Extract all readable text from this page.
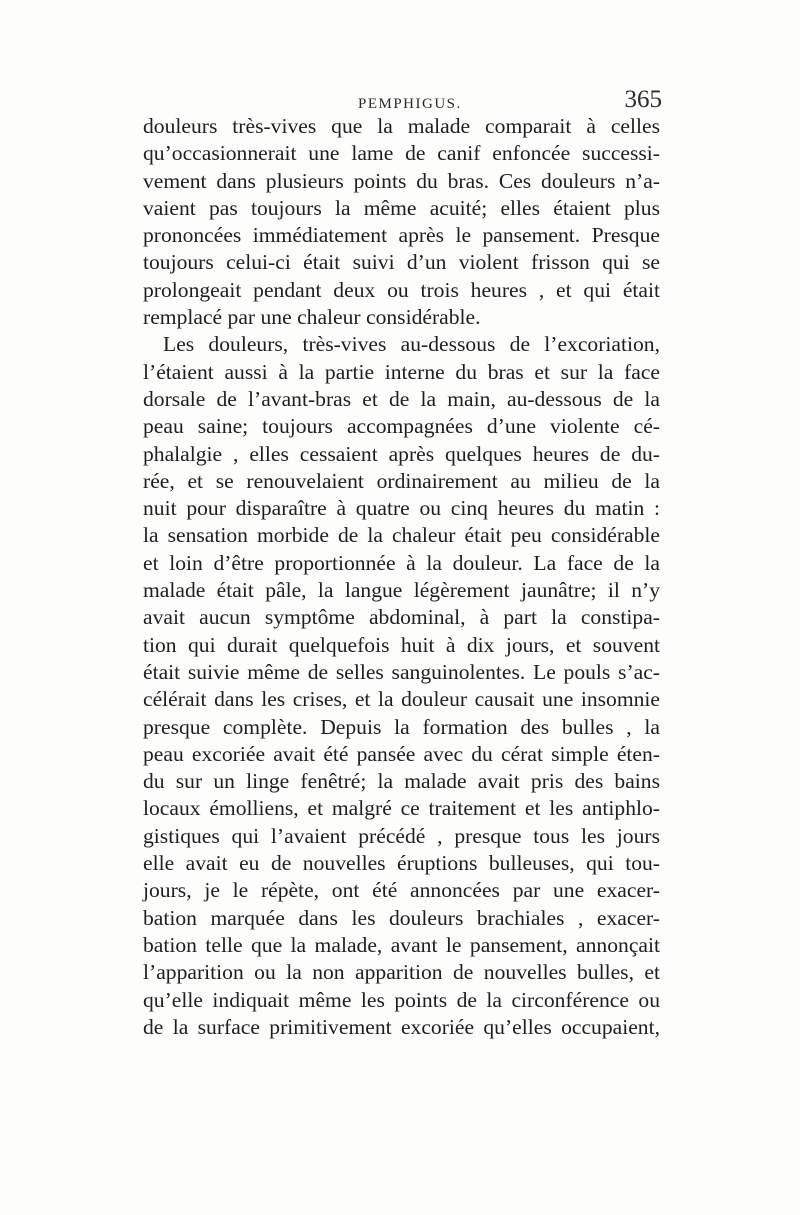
PEMPHIGUS.	365
douleurs très-vives que la malade comparait à celles
qu’occasionnerait une lame de canif enfoncée successi-
vement dans plusieurs points du bras. Ces douleurs n’a-
vaient pas toujours la même acuité; elles étaient plus
prononcées immédiatement après le pansement. Presque
toujours celui-ci était suivi d’un violent frisson qui se
prolongeait pendant deux ou trois heures , et qui était
remplacé par une chaleur considérable.
Les douleurs, très-vives au-dessous de l’excoriation,
l’étaient aussi à la partie interne du bras et sur la face
dorsale de l’avant-bras et de la main, au-dessous de la
peau saine; toujours accompagnées d’une violente cé-
phalalgie , elles cessaient après quelques heures de du-
rée, et se renouvelaient ordinairement au milieu de la
nuit pour disparaître à quatre ou cinq heures du matin :
la sensation morbide de la chaleur était peu considérable
et loin d’être proportionnée à la douleur. La face de la
malade était pâle, la langue légèrement jaunâtre; il n’y
avait aucun symptôme abdominal, à part la constipa-
tion qui durait quelquefois huit à dix jours, et souvent
était suivie même de selles sanguinolentes. Le pouls s’ac-
célérait dans les crises, et la douleur causait une insomnie
presque complète. Depuis la formation des bulles , la
peau excoriée avait été pansée avec du cérat simple éten-
du sur un linge fenêtré; la malade avait pris des bains
locaux émolliens, et malgré ce traitement et les antiphlo-
gistiques qui l’avaient précédé , presque tous les jours
elle avait eu de nouvelles éruptions bulleuses, qui tou-
jours, je le répète, ont été annoncées par une exacer-
bation marquée dans les douleurs brachiales , exacer-
bation telle que la malade, avant le pansement, annonçait
l’apparition ou la non apparition de nouvelles bulles, et
qu’elle indiquait même les points de la circonférence ou
de la surface primitivement excoriée qu’elles occupaient,
